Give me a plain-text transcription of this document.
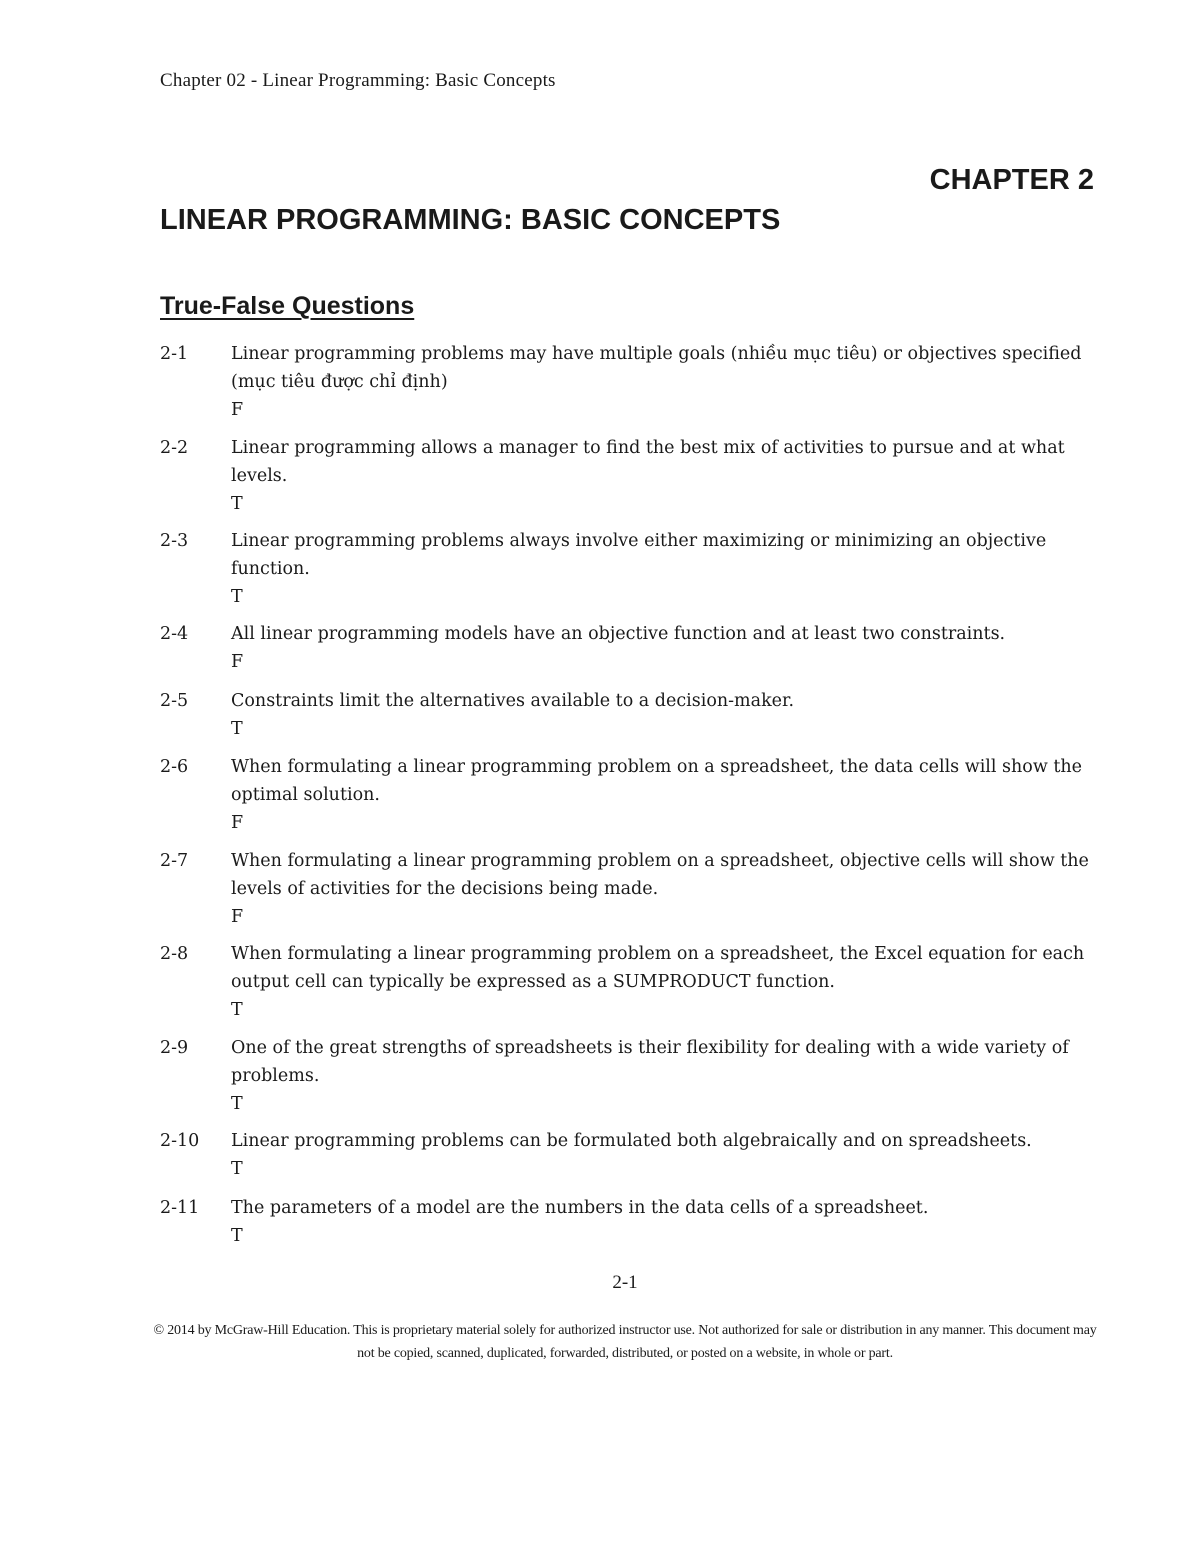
Chapter 02 - Linear Programming: Basic Concepts
CHAPTER 2
LINEAR PROGRAMMING: BASIC CONCEPTS
True-False Questions
2-1 Linear programming problems may have multiple goals (nhiều mục tiêu) or objectives specified (mục tiêu được chỉ định)
F
2-2 Linear programming allows a manager to find the best mix of activities to pursue and at what levels.
T
2-3 Linear programming problems always involve either maximizing or minimizing an objective function.
T
2-4 All linear programming models have an objective function and at least two constraints.
F
2-5 Constraints limit the alternatives available to a decision-maker.
T
2-6 When formulating a linear programming problem on a spreadsheet, the data cells will show the optimal solution.
F
2-7 When formulating a linear programming problem on a spreadsheet, objective cells will show the levels of activities for the decisions being made.
F
2-8 When formulating a linear programming problem on a spreadsheet, the Excel equation for each output cell can typically be expressed as a SUMPRODUCT function.
T
2-9 One of the great strengths of spreadsheets is their flexibility for dealing with a wide variety of problems.
T
2-10 Linear programming problems can be formulated both algebraically and on spreadsheets.
T
2-11 The parameters of a model are the numbers in the data cells of a spreadsheet.
T
2-1
© 2014 by McGraw-Hill Education. This is proprietary material solely for authorized instructor use. Not authorized for sale or distribution in any manner. This document may not be copied, scanned, duplicated, forwarded, distributed, or posted on a website, in whole or part.
